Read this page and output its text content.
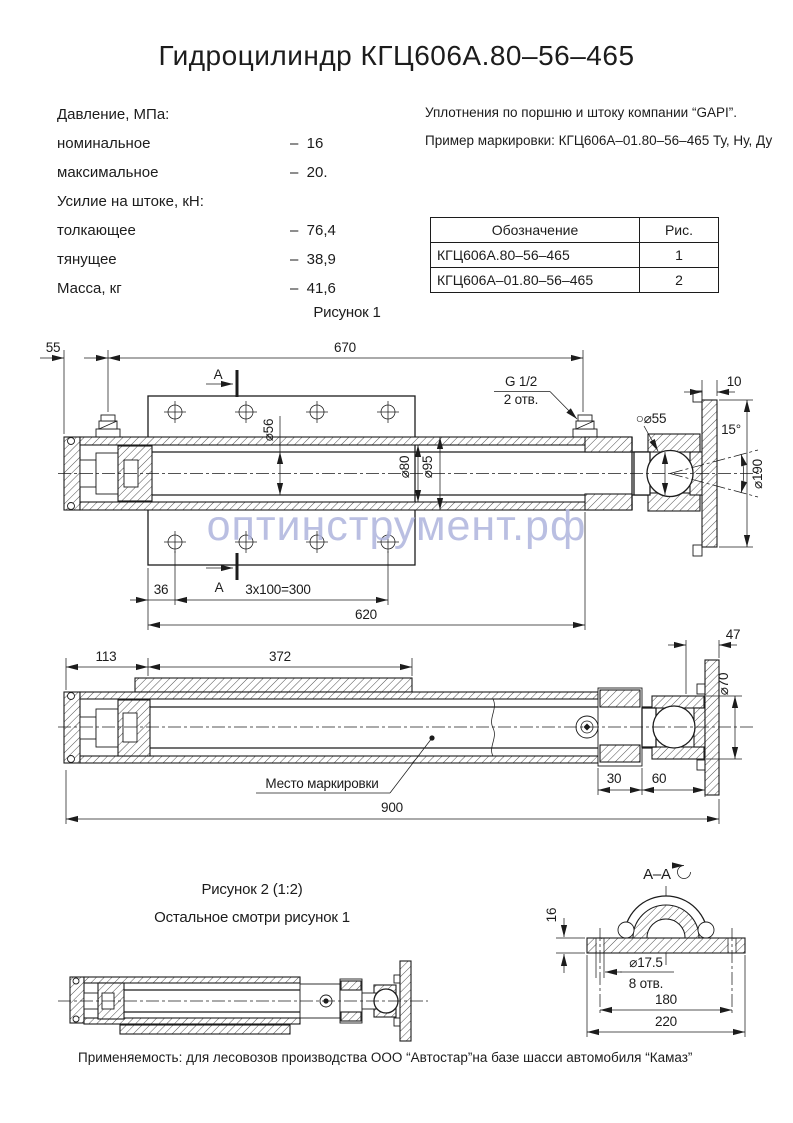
Гидроцилиндр КГЦ606А.80–56–465
Давление, МПа:
номинальное	–  16
максимальное	–  20.
Усилие на штоке, кН:
толкающее	–  76,4
тянущее	–  38,9
Масса, кг	–  41,6
Уплотнения по поршню и штоку компании “GAPI”.
Пример маркировки: КГЦ606А–01.80–56–465 Ту, Ну, Ду
Обозначение	Рис.
КГЦ606А.80–56–465	1
КГЦ606А–01.80–56–465	2
Рисунок 1
55	670
А
А
G 1/2
2 отв.
10
○⌀55
15°
⌀190
⌀56
⌀80 ⌀95
36	3x100=300
620
113	372
47
⌀70
30 60
900
Место маркировки
Рисунок 2 (1:2)
Остальное смотри рисунок 1
А–А
16
⌀17.5
8 отв.
180
220
оптинструмент.рф
Применяемость: для лесовозов производства ООО “Автостар”на базе шасси автомобиля “Камаз”
